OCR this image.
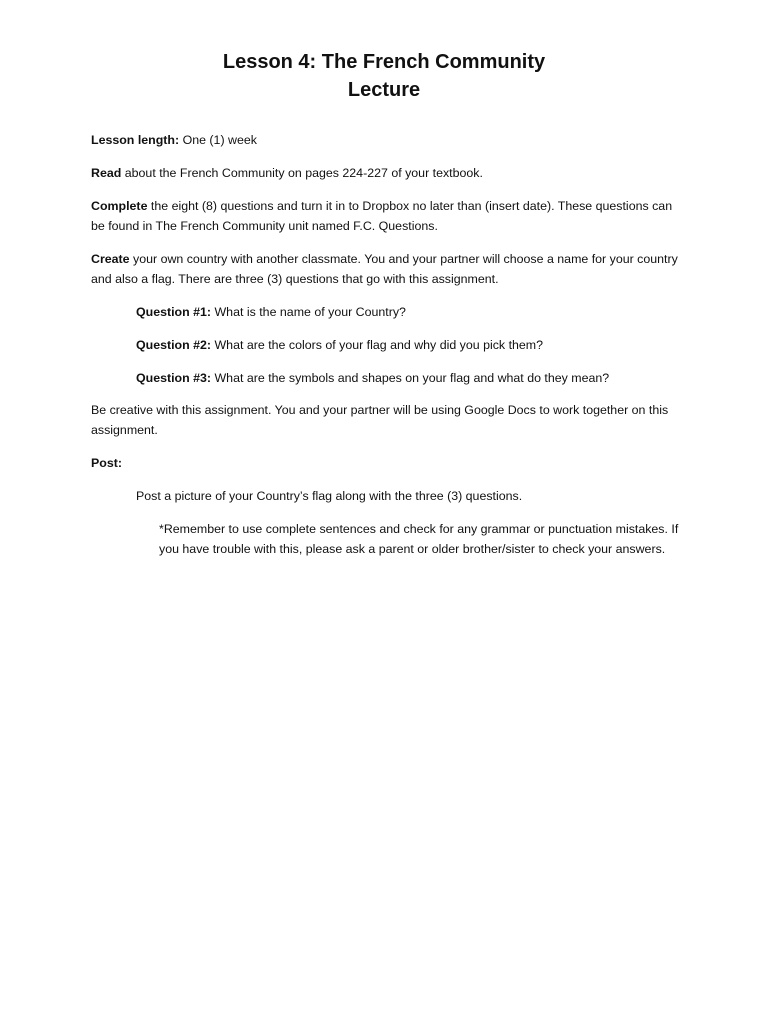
Lesson 4: The French Community
Lecture
Lesson length: One (1) week
Read about the French Community on pages 224-227 of your textbook.
Complete the eight (8) questions and turn it in to Dropbox no later than (insert date). These questions can be found in The French Community unit named F.C. Questions.
Create your own country with another classmate. You and your partner will choose a name for your country and also a flag. There are three (3) questions that go with this assignment.
Question #1: What is the name of your Country?
Question #2: What are the colors of your flag and why did you pick them?
Question #3: What are the symbols and shapes on your flag and what do they mean?
Be creative with this assignment. You and your partner will be using Google Docs to work together on this assignment.
Post:
Post a picture of your Country’s flag along with the three (3) questions.
*Remember to use complete sentences and check for any grammar or punctuation mistakes. If you have trouble with this, please ask a parent or older brother/sister to check your answers.
